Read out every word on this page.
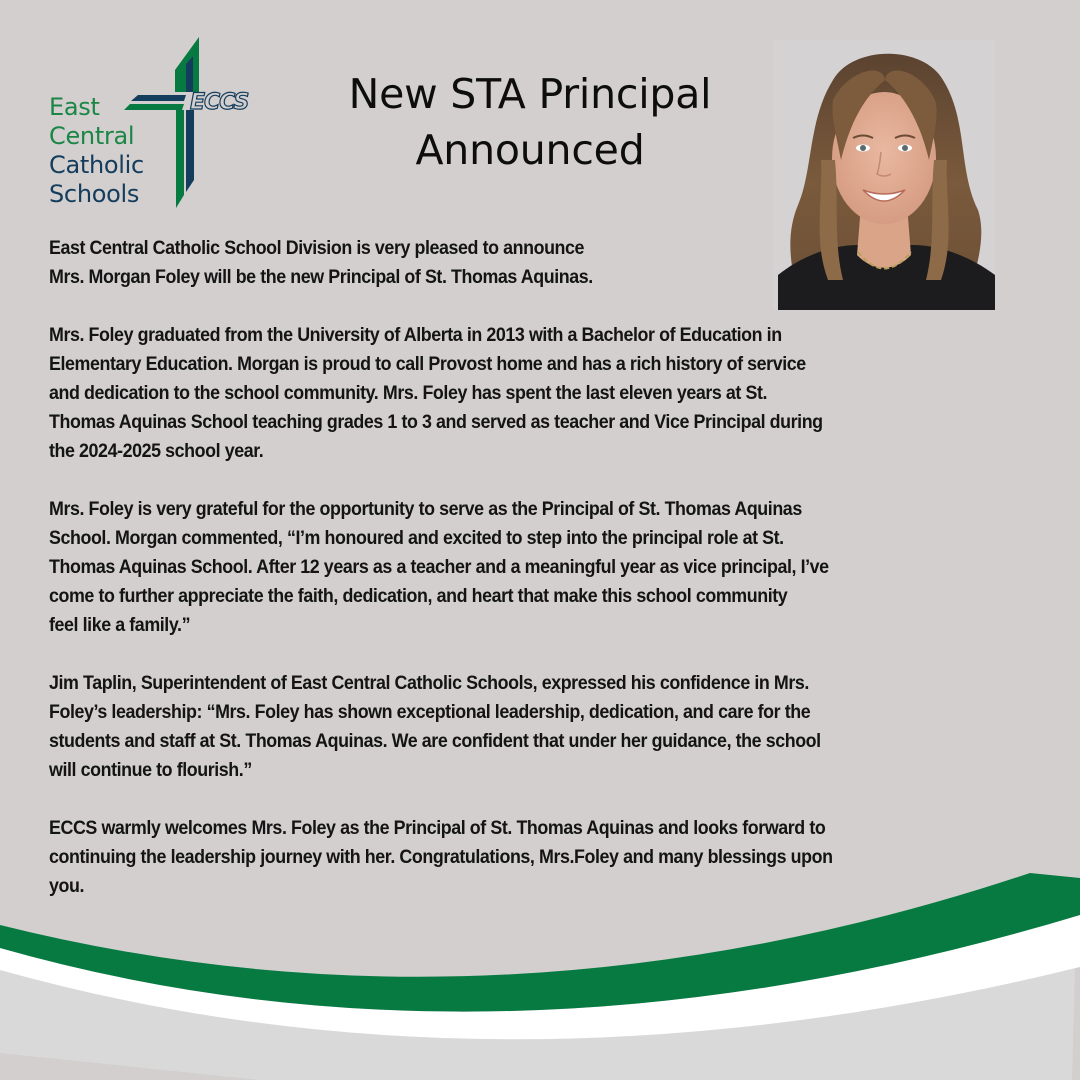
ECCS
East
Central
Catholic
Schools
New STA Principal
Announced

East Central Catholic School Division is very pleased to announce
Mrs. Morgan Foley will be the new Principal of St. Thomas Aquinas.

Mrs. Foley graduated from the University of Alberta in 2013 with a Bachelor of Education in
Elementary Education. Morgan is proud to call Provost home and has a rich history of service
and dedication to the school community. Mrs. Foley has spent the last eleven years at St.
Thomas Aquinas School teaching grades 1 to 3 and served as teacher and Vice Principal during
the 2024-2025 school year.

Mrs. Foley is very grateful for the opportunity to serve as the Principal of St. Thomas Aquinas
School. Morgan commented, “I’m honoured and excited to step into the principal role at St.
Thomas Aquinas School. After 12 years as a teacher and a meaningful year as vice principal, I’ve
come to further appreciate the faith, dedication, and heart that make this school community
feel like a family.”

Jim Taplin, Superintendent of East Central Catholic Schools, expressed his confidence in Mrs.
Foley’s leadership: “Mrs. Foley has shown exceptional leadership, dedication, and care for the
students and staff at St. Thomas Aquinas. We are confident that under her guidance, the school
will continue to flourish.”

ECCS warmly welcomes Mrs. Foley as the Principal of St. Thomas Aquinas and looks forward to
continuing the leadership journey with her. Congratulations, Mrs.Foley and many blessings upon
you.
